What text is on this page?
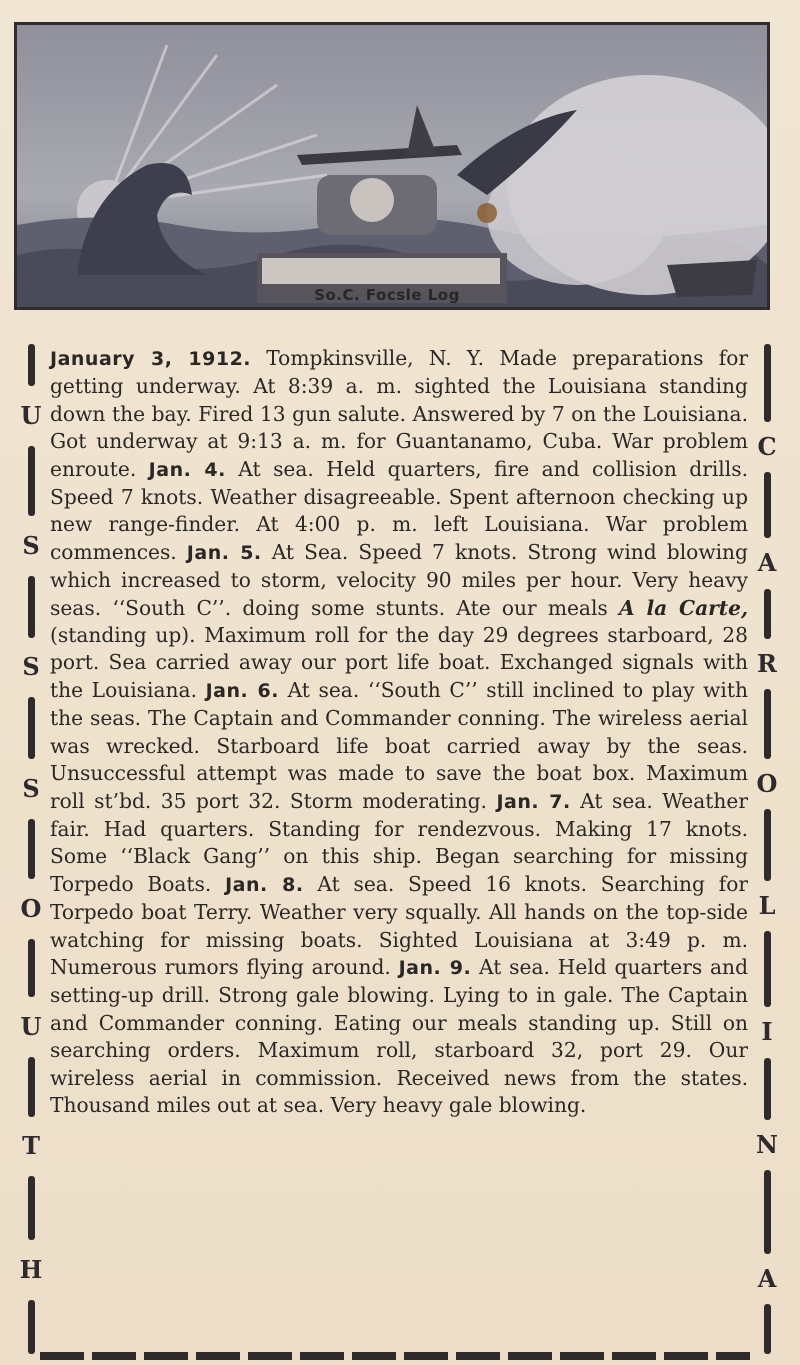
So.C. Focsle Log
U
S
S
S
O
U
T
H
C
A
R
O
L
I
N
A
January 3, 1912. Tompkinsville, N. Y. Made preparations for getting underway. At 8:39 a. m. sighted the Louisiana standing down the bay. Fired 13 gun salute. Answered by 7 on the Louisiana. Got underway at 9:13 a. m. for Guantanamo, Cuba. War problem enroute. Jan. 4. At sea. Held quarters, fire and collision drills. Speed 7 knots. Weather disagreeable. Spent afternoon checking up new range-finder. At 4:00 p. m. left Louisiana. War problem commences. Jan. 5. At Sea. Speed 7 knots. Strong wind blowing which increased to storm, velocity 90 miles per hour. Very heavy seas. ‘‘South C’’. doing some stunts. Ate our meals A la Carte, (standing up). Maximum roll for the day 29 degrees starboard, 28 port. Sea carried away our port life boat. Exchanged signals with the Louisiana. Jan. 6. At sea. ‘‘South C’’ still inclined to play with the seas. The Captain and Commander conning. The wireless aerial was wrecked. Starboard life boat carried away by the seas. Unsuccessful attempt was made to save the boat box. Maximum roll st’bd. 35 port 32. Storm moderating. Jan. 7. At sea. Weather fair. Had quarters. Standing for rendezvous. Making 17 knots. Some ‘‘Black Gang’’ on this ship. Began searching for missing Torpedo Boats. Jan. 8. At sea. Speed 16 knots. Searching for Torpedo boat Terry. Weather very squally. All hands on the top-side watching for missing boats. Sighted Louisiana at 3:49 p. m. Numerous rumors flying around. Jan. 9. At sea. Held quarters and setting-up drill. Strong gale blowing. Lying to in gale. The Captain and Commander conning. Eating our meals standing up. Still on searching orders. Maximum roll, starboard 32, port 29. Our wireless aerial in commission. Received news from the states. Thousand miles out at sea. Very heavy gale blowing.
